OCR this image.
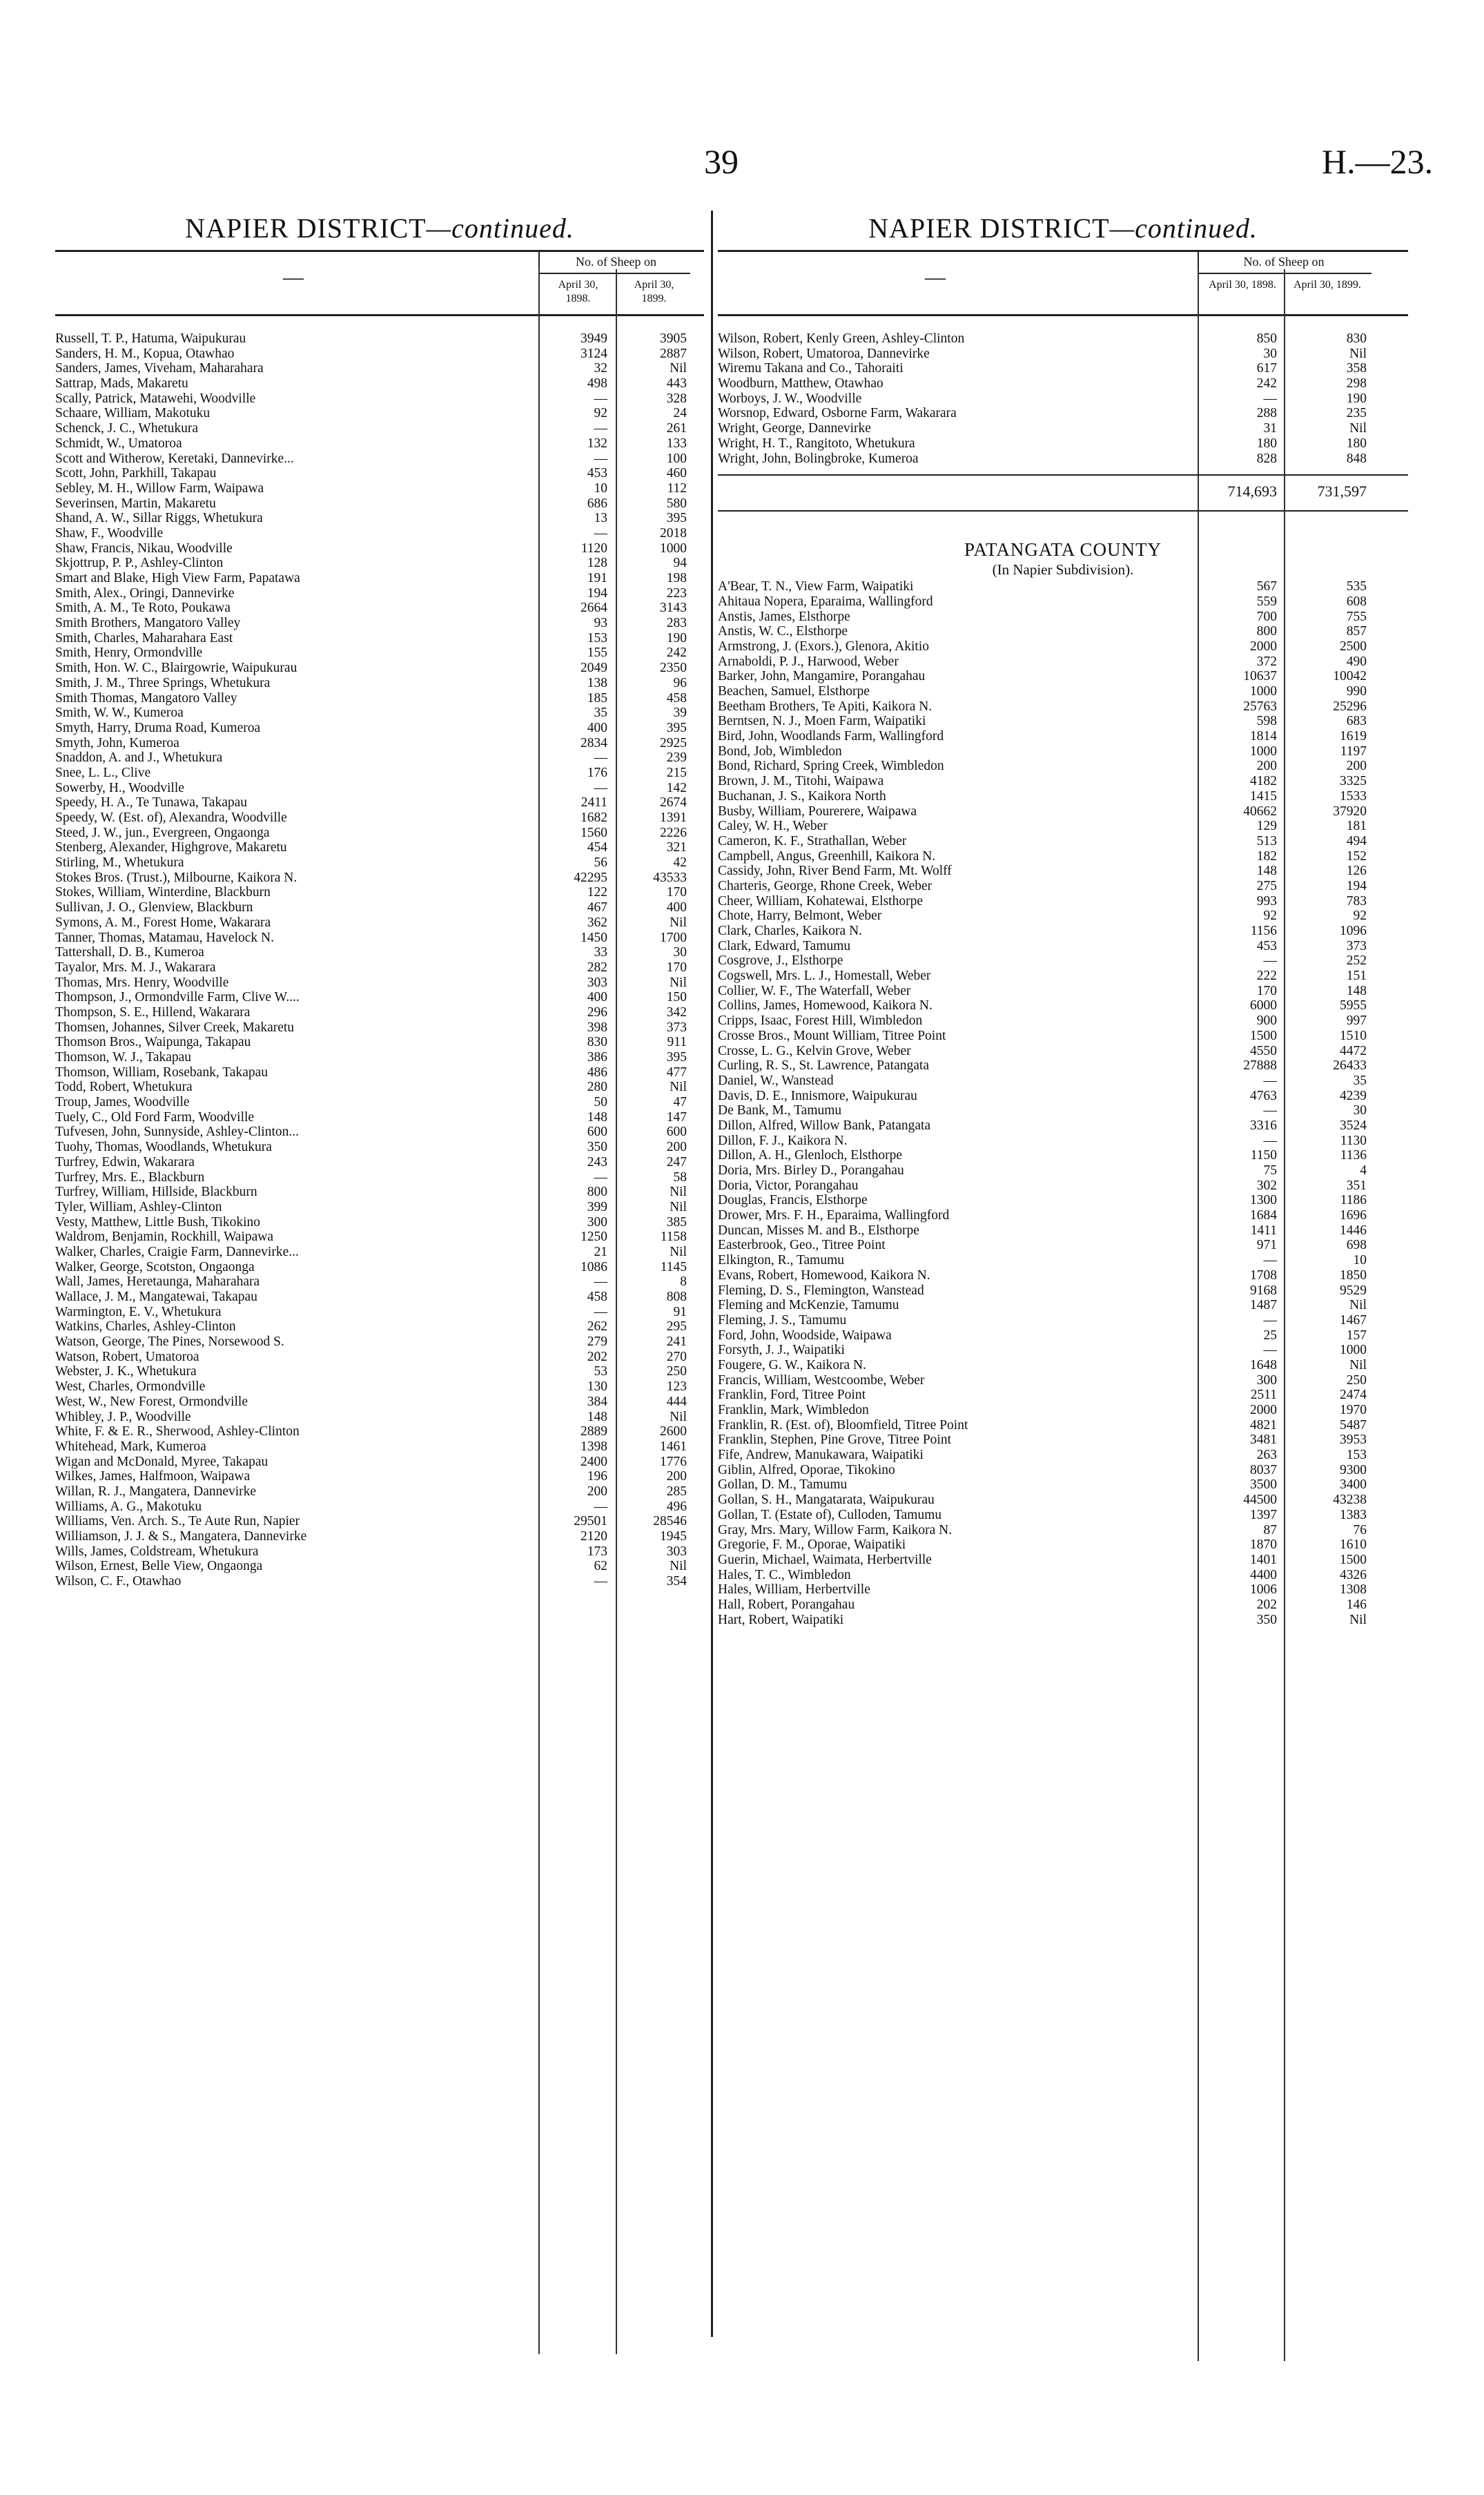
39	H.—23.
NAPIER DISTRICT—continued.
—
No. of Sheep on
April 30, 1898.
April 30, 1899.
Russell, T. P., Hatuma, Waipukurau	3949	3905
Sanders, H. M., Kopua, Otawhao	3124	2887
Sanders, James, Viveham, Maharahara	32	Nil
Sattrap, Mads, Makaretu	498	443
Scally, Patrick, Matawehi, Woodville	—	328
Schaare, William, Makotuku	92	24
Schenck, J. C., Whetukura	—	261
Schmidt, W., Umatoroa	132	133
Scott and Witherow, Keretaki, Dannevirke...	—	100
Scott, John, Parkhill, Takapau	453	460
Sebley, M. H., Willow Farm, Waipawa	10	112
Severinsen, Martin, Makaretu	686	580
Shand, A. W., Sillar Riggs, Whetukura	13	395
Shaw, F., Woodville	—	2018
Shaw, Francis, Nikau, Woodville	1120	1000
Skjottrup, P. P., Ashley-Clinton	128	94
Smart and Blake, High View Farm, Papatawa	191	198
Smith, Alex., Oringi, Dannevirke	194	223
Smith, A. M., Te Roto, Poukawa	2664	3143
Smith Brothers, Mangatoro Valley	93	283
Smith, Charles, Maharahara East	153	190
Smith, Henry, Ormondville	155	242
Smith, Hon. W. C., Blairgowrie, Waipukurau	2049	2350
Smith, J. M., Three Springs, Whetukura	138	96
Smith Thomas, Mangatoro Valley	185	458
Smith, W. W., Kumeroa	35	39
Smyth, Harry, Druma Road, Kumeroa	400	395
Smyth, John, Kumeroa	2834	2925
Snaddon, A. and J., Whetukura	—	239
Snee, L. L., Clive	176	215
Sowerby, H., Woodville	—	142
Speedy, H. A., Te Tunawa, Takapau	2411	2674
Speedy, W. (Est. of), Alexandra, Woodville	1682	1391
Steed, J. W., jun., Evergreen, Ongaonga	1560	2226
Stenberg, Alexander, Highgrove, Makaretu	454	321
Stirling, M., Whetukura	56	42
Stokes Bros. (Trust.), Milbourne, Kaikora N.	42295	43533
Stokes, William, Winterdine, Blackburn	122	170
Sullivan, J. O., Glenview, Blackburn	467	400
Symons, A. M., Forest Home, Wakarara	362	Nil
Tanner, Thomas, Matamau, Havelock N.	1450	1700
Tattershall, D. B., Kumeroa	33	30
Tayalor, Mrs. M. J., Wakarara	282	170
Thomas, Mrs. Henry, Woodville	303	Nil
Thompson, J., Ormondville Farm, Clive W....	400	150
Thompson, S. E., Hillend, Wakarara	296	342
Thomsen, Johannes, Silver Creek, Makaretu	398	373
Thomson Bros., Waipunga, Takapau	830	911
Thomson, W. J., Takapau	386	395
Thomson, William, Rosebank, Takapau	486	477
Todd, Robert, Whetukura	280	Nil
Troup, James, Woodville	50	47
Tuely, C., Old Ford Farm, Woodville	148	147
Tufvesen, John, Sunnyside, Ashley-Clinton...	600	600
Tuohy, Thomas, Woodlands, Whetukura	350	200
Turfrey, Edwin, Wakarara	243	247
Turfrey, Mrs. E., Blackburn	—	58
Turfrey, William, Hillside, Blackburn	800	Nil
Tyler, William, Ashley-Clinton	399	Nil
Vesty, Matthew, Little Bush, Tikokino	300	385
Waldrom, Benjamin, Rockhill, Waipawa	1250	1158
Walker, Charles, Craigie Farm, Dannevirke...	21	Nil
Walker, George, Scotston, Ongaonga	1086	1145
Wall, James, Heretaunga, Maharahara	—	8
Wallace, J. M., Mangatewai, Takapau	458	808
Warmington, E. V., Whetukura	—	91
Watkins, Charles, Ashley-Clinton	262	295
Watson, George, The Pines, Norsewood S.	279	241
Watson, Robert, Umatoroa	202	270
Webster, J. K., Whetukura	53	250
West, Charles, Ormondville	130	123
West, W., New Forest, Ormondville	384	444
Whibley, J. P., Woodville	148	Nil
White, F. & E. R., Sherwood, Ashley-Clinton	2889	2600
Whitehead, Mark, Kumeroa	1398	1461
Wigan and McDonald, Myree, Takapau	2400	1776
Wilkes, James, Halfmoon, Waipawa	196	200
Willan, R. J., Mangatera, Dannevirke	200	285
Williams, A. G., Makotuku	—	496
Williams, Ven. Arch. S., Te Aute Run, Napier	29501	28546
Williamson, J. J. & S., Mangatera, Dannevirke	2120	1945
Wills, James, Coldstream, Whetukura	173	303
Wilson, Ernest, Belle View, Ongaonga	62	Nil
Wilson, C. F., Otawhao	—	354
NAPIER DISTRICT—continued.
—
No. of Sheep on
April 30, 1898.	April 30, 1899.
Wilson, Robert, Kenly Green, Ashley-Clinton	850	830
Wilson, Robert, Umatoroa, Dannevirke	30	Nil
Wiremu Takana and Co., Tahoraiti	617	358
Woodburn, Matthew, Otawhao	242	298
Worboys, J. W., Woodville	—	190
Worsnop, Edward, Osborne Farm, Wakarara	288	235
Wright, George, Dannevirke	31	Nil
Wright, H. T., Rangitoto, Whetukura	180	180
Wright, John, Bolingbroke, Kumeroa	828	848
714,693	731,597
PATANGATA COUNTY
(In Napier Subdivision).
A'Bear, T. N., View Farm, Waipatiki	567	535
Ahitaua Nopera, Eparaima, Wallingford	559	608
Anstis, James, Elsthorpe	700	755
Anstis, W. C., Elsthorpe	800	857
Armstrong, J. (Exors.), Glenora, Akitio	2000	2500
Arnaboldi, P. J., Harwood, Weber	372	490
Barker, John, Mangamire, Porangahau	10637	10042
Beachen, Samuel, Elsthorpe	1000	990
Beetham Brothers, Te Apiti, Kaikora N.	25763	25296
Berntsen, N. J., Moen Farm, Waipatiki	598	683
Bird, John, Woodlands Farm, Wallingford	1814	1619
Bond, Job, Wimbledon	1000	1197
Bond, Richard, Spring Creek, Wimbledon	200	200
Brown, J. M., Titohi, Waipawa	4182	3325
Buchanan, J. S., Kaikora North	1415	1533
Busby, William, Pourerere, Waipawa	40662	37920
Caley, W. H., Weber	129	181
Cameron, K. F., Strathallan, Weber	513	494
Campbell, Angus, Greenhill, Kaikora N.	182	152
Cassidy, John, River Bend Farm, Mt. Wolff	148	126
Charteris, George, Rhone Creek, Weber	275	194
Cheer, William, Kohatewai, Elsthorpe	993	783
Chote, Harry, Belmont, Weber	92	92
Clark, Charles, Kaikora N.	1156	1096
Clark, Edward, Tamumu	453	373
Cosgrove, J., Elsthorpe	—	252
Cogswell, Mrs. L. J., Homestall, Weber	222	151
Collier, W. F., The Waterfall, Weber	170	148
Collins, James, Homewood, Kaikora N.	6000	5955
Cripps, Isaac, Forest Hill, Wimbledon	900	997
Crosse Bros., Mount William, Titree Point	1500	1510
Crosse, L. G., Kelvin Grove, Weber	4550	4472
Curling, R. S., St. Lawrence, Patangata	27888	26433
Daniel, W., Wanstead	—	35
Davis, D. E., Innismore, Waipukurau	4763	4239
De Bank, M., Tamumu	—	30
Dillon, Alfred, Willow Bank, Patangata	3316	3524
Dillon, F. J., Kaikora N.	—	1130
Dillon, A. H., Glenloch, Elsthorpe	1150	1136
Doria, Mrs. Birley D., Porangahau	75	4
Doria, Victor, Porangahau	302	351
Douglas, Francis, Elsthorpe	1300	1186
Drower, Mrs. F. H., Eparaima, Wallingford	1684	1696
Duncan, Misses M. and B., Elsthorpe	1411	1446
Easterbrook, Geo., Titree Point	971	698
Elkington, R., Tamumu	—	10
Evans, Robert, Homewood, Kaikora N.	1708	1850
Fleming, D. S., Flemington, Wanstead	9168	9529
Fleming and McKenzie, Tamumu	1487	Nil
Fleming, J. S., Tamumu	—	1467
Ford, John, Woodside, Waipawa	25	157
Forsyth, J. J., Waipatiki	—	1000
Fougere, G. W., Kaikora N.	1648	Nil
Francis, William, Westcoombe, Weber	300	250
Franklin, Ford, Titree Point	2511	2474
Franklin, Mark, Wimbledon	2000	1970
Franklin, R. (Est. of), Bloomfield, Titree Point	4821	5487
Franklin, Stephen, Pine Grove, Titree Point	3481	3953
Fife, Andrew, Manukawara, Waipatiki	263	153
Giblin, Alfred, Oporae, Tikokino	8037	9300
Gollan, D. M., Tamumu	3500	3400
Gollan, S. H., Mangatarata, Waipukurau	44500	43238
Gollan, T. (Estate of), Culloden, Tamumu	1397	1383
Gray, Mrs. Mary, Willow Farm, Kaikora N.	87	76
Gregorie, F. M., Oporae, Waipatiki	1870	1610
Guerin, Michael, Waimata, Herbertville	1401	1500
Hales, T. C., Wimbledon	4400	4326
Hales, William, Herbertville	1006	1308
Hall, Robert, Porangahau	202	146
Hart, Robert, Waipatiki	350	Nil
